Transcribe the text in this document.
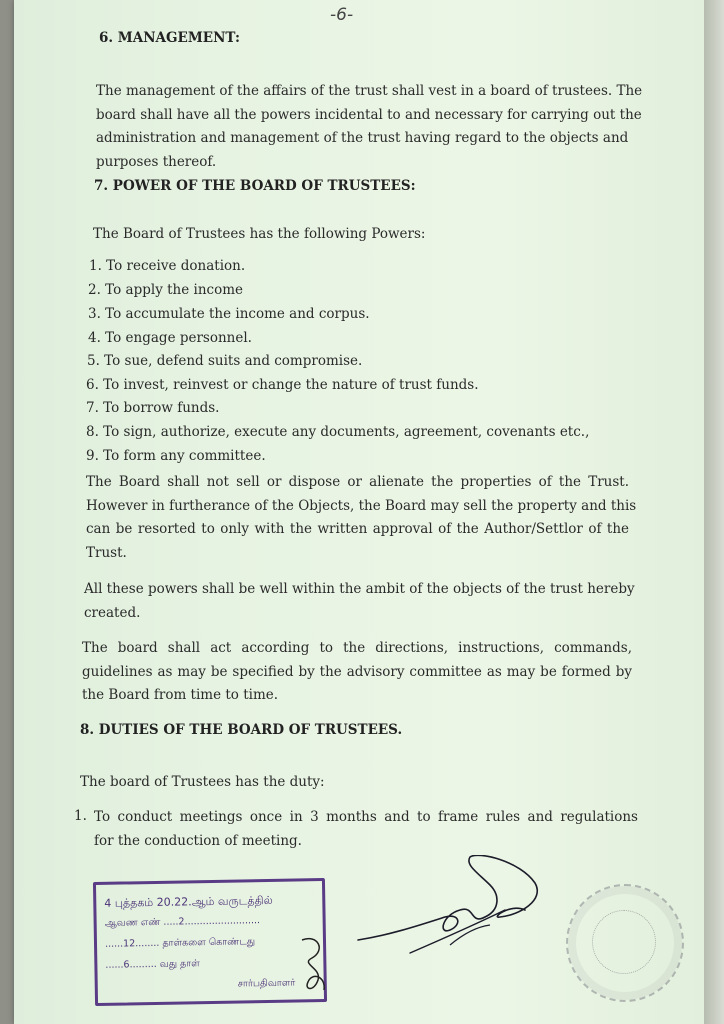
-6-
6. MANAGEMENT:
The management of the affairs of the trust shall vest in a board of trustees. The
board shall have all the powers incidental to and necessary for carrying out the
administration and management of the trust having regard to the objects and
purposes thereof.
7. POWER OF THE BOARD OF TRUSTEES:
The Board of Trustees has the following Powers:
1. To receive donation.
2. To apply the income
3. To accumulate the income and corpus.
4. To engage personnel.
5. To sue, defend suits and compromise.
6. To invest, reinvest or change the nature of trust funds.
7. To borrow funds.
8. To sign, authorize, execute any documents, agreement, covenants etc.,
9. To form any committee.
The Board shall not sell or dispose or alienate the properties of the Trust.
However in furtherance of the Objects, the Board may sell the property and this
can be resorted to only with the written approval of the Author/Settlor of the
Trust.
All these powers shall be well within the ambit of the objects of the trust hereby
created.
The board shall act according to the directions, instructions, commands,
guidelines as may be specified by the advisory committee as may be formed by
the Board from time to time.
8. DUTIES OF THE BOARD OF TRUSTEES.
The board of Trustees has the duty:
1. To conduct meetings once in 3 months and to frame rules and regulations
for the conduction of meeting.
4 புத்தகம் 20.22.ஆம் வருடத்தில்
ஆவண எண் .....2.........................
......12........ தாள்களை கொண்டது
......6......... வது தாள்
சார்பதிவாளர்
